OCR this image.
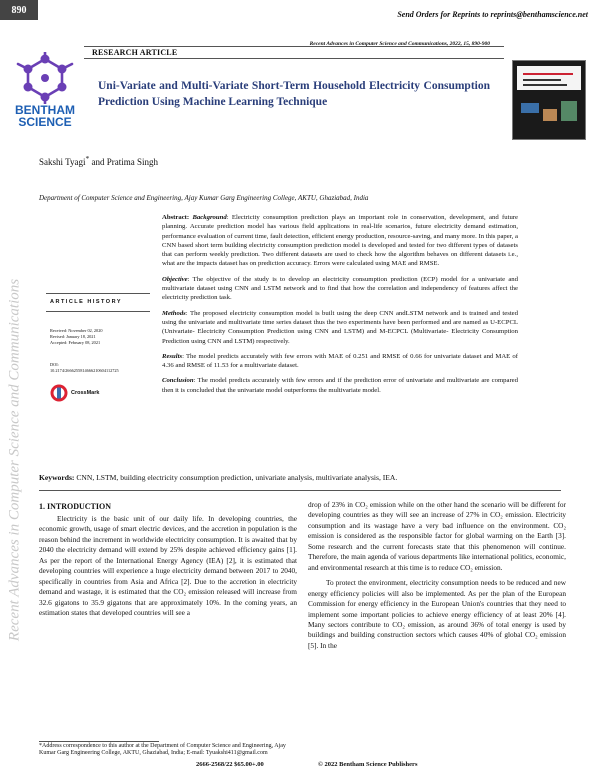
890	Send Orders for Reprints to reprints@benthamscience.net
Recent Advances in Computer Science and Communications, 2022, 15, 890-900
RESEARCH ARTICLE
BENTHAM
SCIENCE
Uni-Variate and Multi-Variate Short-Term Household Electricity Consumption Prediction Using Machine Learning Technique
Sakshi Tyagi* and Pratima Singh
Department of Computer Science and Engineering, Ajay Kumar Garg Engineering College, AKTU, Ghaziabad, India
ARTICLE HISTORY
Received: November 02, 2020
Revised: January 18, 2021
Accepted: February 08, 2021
DOI:
10.2174/2666255814666210604112725
CrossMark

Abstract: Background: Electricity consumption prediction plays an important role in conservation, development, and future planning. Accurate prediction model has various field applications in real-life scenarios, future electricity demand estimation, performance evaluation of current time, fault detection, efficient energy production, resource-saving, and many more. In this paper, a CNN based short term building electricity consumption prediction model is developed and tested for two different types of datasets that can perform weekly prediction. Two different datasets are used to check how the algorithm behaves on different datasets i.e., what are the impacts dataset has on prediction accuracy. Errors were calculated using MAE and RMSE.

Objective: The objective of the study is to develop an electricity consumption prediction (ECP) model for a univariate and multivariate dataset using CNN and LSTM network and to find that how the correlation and independency of features affect the electricity prediction task.

Methods: The proposed electricity consumption model is built using the deep CNN andLSTM network and is trained and tested using the univariate and multivariate time series dataset thus the two experiments have been performed and are named as U-ECPCL (Univariate- Electricity Consumption Prediction using CNN and LSTM) and M-ECPCL (Multivariate- Electricity Consumption Prediction using CNN and LSTM) respectively.

Results: The model predicts accurately with few errors with MAE of 0.251 and RMSE of 0.66 for univariate dataset and MAE of 4.36 and RMSE of 11.53 for a multivariate dataset.

Conclusion: The model predicts accurately with few errors and if the prediction error of univariate and multivariate are compared then it is concluded that the univariate model outperforms the multivariate model.

Keywords: CNN, LSTM, building electricity consumption prediction, univariate analysis, multivariate analysis, IEA.
1. INTRODUCTION

Electricity is the basic unit of our daily life. In developing countries, the economic growth, usage of smart electric devices, and the accretion in population is the reason behind the increment in worldwide electricity consumption. It is awaited that by 2040 the electricity demand will extend by 25% despite achieved efficiency gains [1]. As per the report of the International Energy Agency (IEA) [2], it is estimated that developing countries will experience a huge electricity demand between 2017 to 2040, specifically in countries from Asia and Africa [2]. Due to the accretion in electricity demand and wastage, it is estimated that the CO₂ emission released will increase from 32.6 gigatons to 35.9 gigatons that are approximately 10%. In the coming years, an estimation states that developed countries will see a

drop of 23% in CO₂ emission while on the other hand the scenario will be different for developing countries as they will see an increase of 27% in CO₂ emission. Electricity consumption and its wastage have a very bad influence on the environment. CO₂ emission is considered as the responsible factor for global warming on the Earth [3]. Some research and the current forecasts state that this phenomenon will continue. Therefore, the main agenda of various departments like international politics, economic, and environmental research at this time is to reduce CO₂ emission.

To protect the environment, electricity consumption needs to be reduced and new energy efficiency policies will also be implemented. As per the plan of the European Commission for energy efficiency in the European Union's countries that they need to implement some important policies to achieve energy efficiency of at least 20% [4]. Many sectors contribute to CO₂ emission, as around 36% of total energy is used by buildings and building construction sectors which causes 40% of global CO₂ emission [5]. In the

*Address correspondence to this author at the Department of Computer Science and Engineering, Ajay Kumar Garg Engineering College, AKTU, Ghaziabad, India; E-mail: Tyuakshi411@gmail.com
2666-2568/22 $65.00+.00	© 2022 Bentham Science Publishers
Recent Advances in Computer Science and Communications
